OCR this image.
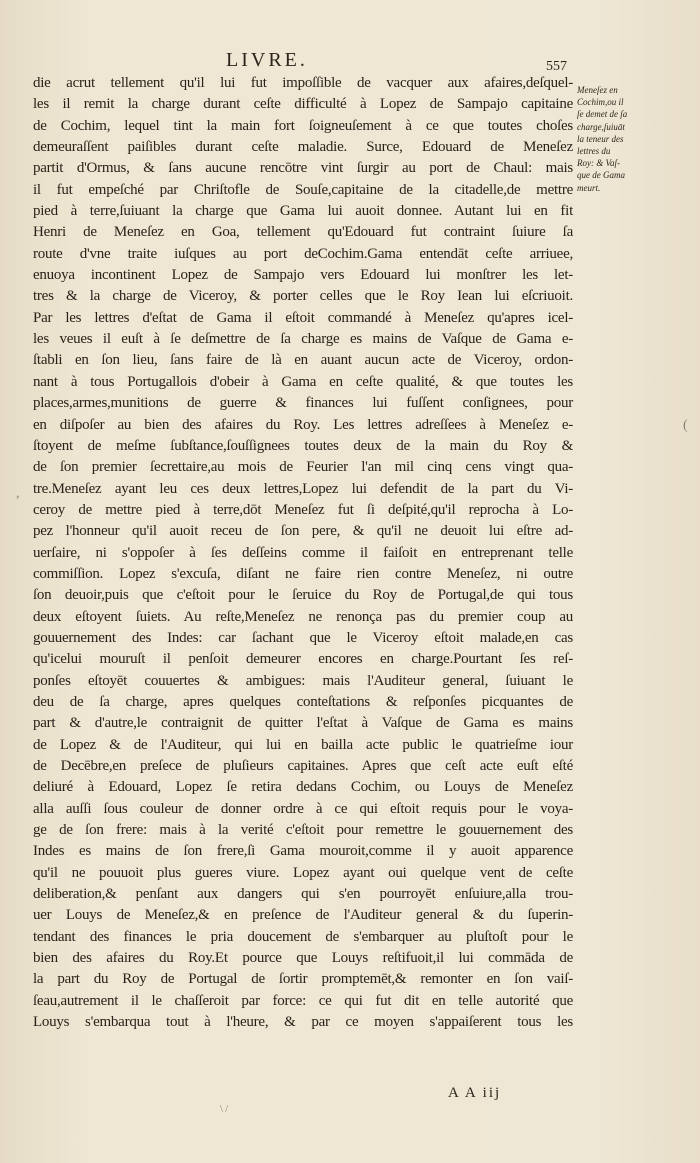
LIVRE.	557
die acrut tellement qu'il lui fut impoſſible de vacquer aux afaires,deſquel-
les il remit la charge durant ceſte difficulté à Lopez de Sampajo capitaine
de Cochim, lequel tint la main fort ſoigneuſement à ce que toutes choſes
demeuraſſent paiſibles durant ceſte maladie. Surce, Edouard de Meneſez
partit d'Ormus, & ſans aucune rencōtre vint ſurgir au port de Chaul: mais
il fut empeſché par Chriſtofle de Souſe,capitaine de la citadelle,de mettre
pied à terre,ſuiuant la charge que Gama lui auoit donnee. Autant lui en fit
Henri de Meneſez en Goa, tellement qu'Edouard fut contraint ſuiure ſa
route d'vne traite iuſques au port deCochim.Gama entendāt ceſte arriuee,
enuoya incontinent Lopez de Sampajo vers Edouard lui monſtrer les let-
tres & la charge de Viceroy, & porter celles que le Roy Iean lui eſcriuoit.
Par les lettres d'eſtat de Gama il eſtoit commandé à Meneſez qu'apres icel-
les veues il euſt à ſe deſmettre de ſa charge es mains de Vaſque de Gama e-
ſtabli en ſon lieu, ſans faire de là en auant aucun acte de Viceroy, ordon-
nant à tous Portugallois d'obeir à Gama en ceſte qualité, & que toutes les
places,armes,munitions de guerre & finances lui fuſſent conſignees, pour
en diſpoſer au bien des afaires du Roy. Les lettres adreſſees à Meneſez e-
ſtoyent de meſme ſubſtance,ſouſſignees toutes deux de la main du Roy &
de ſon premier ſecrettaire,au mois de Feurier l'an mil cinq cens vingt qua-
tre.Meneſez ayant leu ces deux lettres,Lopez lui defendit de la part du Vi-
ceroy de mettre pied à terre,dōt Meneſez fut ſi deſpité,qu'il reprocha à Lo-
pez l'honneur qu'il auoit receu de ſon pere, & qu'il ne deuoit lui eſtre ad-
uerſaire, ni s'oppoſer à ſes deſſeins comme il faiſoit en entreprenant telle
commiſſion. Lopez s'excuſa, diſant ne faire rien contre Meneſez, ni outre
ſon deuoir,puis que c'eſtoit pour le ſeruice du Roy de Portugal,de qui tous
deux eſtoyent ſuiets. Au reſte,Meneſez ne renonça pas du premier coup au
gouuernement des Indes: car ſachant que le Viceroy eſtoit malade,en cas
qu'icelui mouruſt il penſoit demeurer encores en charge.Pourtant ſes reſ-
ponſes eſtoyēt couuertes & ambigues: mais l'Auditeur general, ſuiuant le
deu de ſa charge, apres quelques conteſtations & reſponſes picquantes de
part & d'autre,le contraignit de quitter l'eſtat à Vaſque de Gama es mains
de Lopez & de l'Auditeur, qui lui en bailla acte public le quatrieſme iour
de Decēbre,en preſece de pluſieurs capitaines. Apres que ceſt acte euſt eſté
deliuré à Edouard, Lopez ſe retira dedans Cochim, ou Louys de Meneſez
alla auſſi ſous couleur de donner ordre à ce qui eſtoit requis pour le voya-
ge de ſon frere: mais à la verité c'eſtoit pour remettre le gouuernement des
Indes es mains de ſon frere,ſi Gama mouroit,comme il y auoit apparence
qu'il ne pouuoit plus gueres viure. Lopez ayant oui quelque vent de ceſte
deliberation,& penſant aux dangers qui s'en pourroyēt enſuiure,alla trou-
uer Louys de Meneſez,& en preſence de l'Auditeur general & du ſuperin-
tendant des finances le pria doucement de s'embarquer au pluſtoſt pour le
bien des afaires du Roy.Et pource que Louys reſtifuoit,il lui commāda de
la part du Roy de Portugal de ſortir promptemēt,& remonter en ſon vaiſ-
ſeau,autrement il le chaſſeroit par force: ce qui fut dit en telle autorité que
Louys s'embarqua tout à l'heure, & par ce moyen s'appaiſerent tous les
Meneſez en
Cochim,ou il
ſe demet de ſa
charge,ſuiuāt
la teneur des
lettres du
Roy: & Vaſ-
que de Gama
meurt.
A A iij
(
,
\ /
